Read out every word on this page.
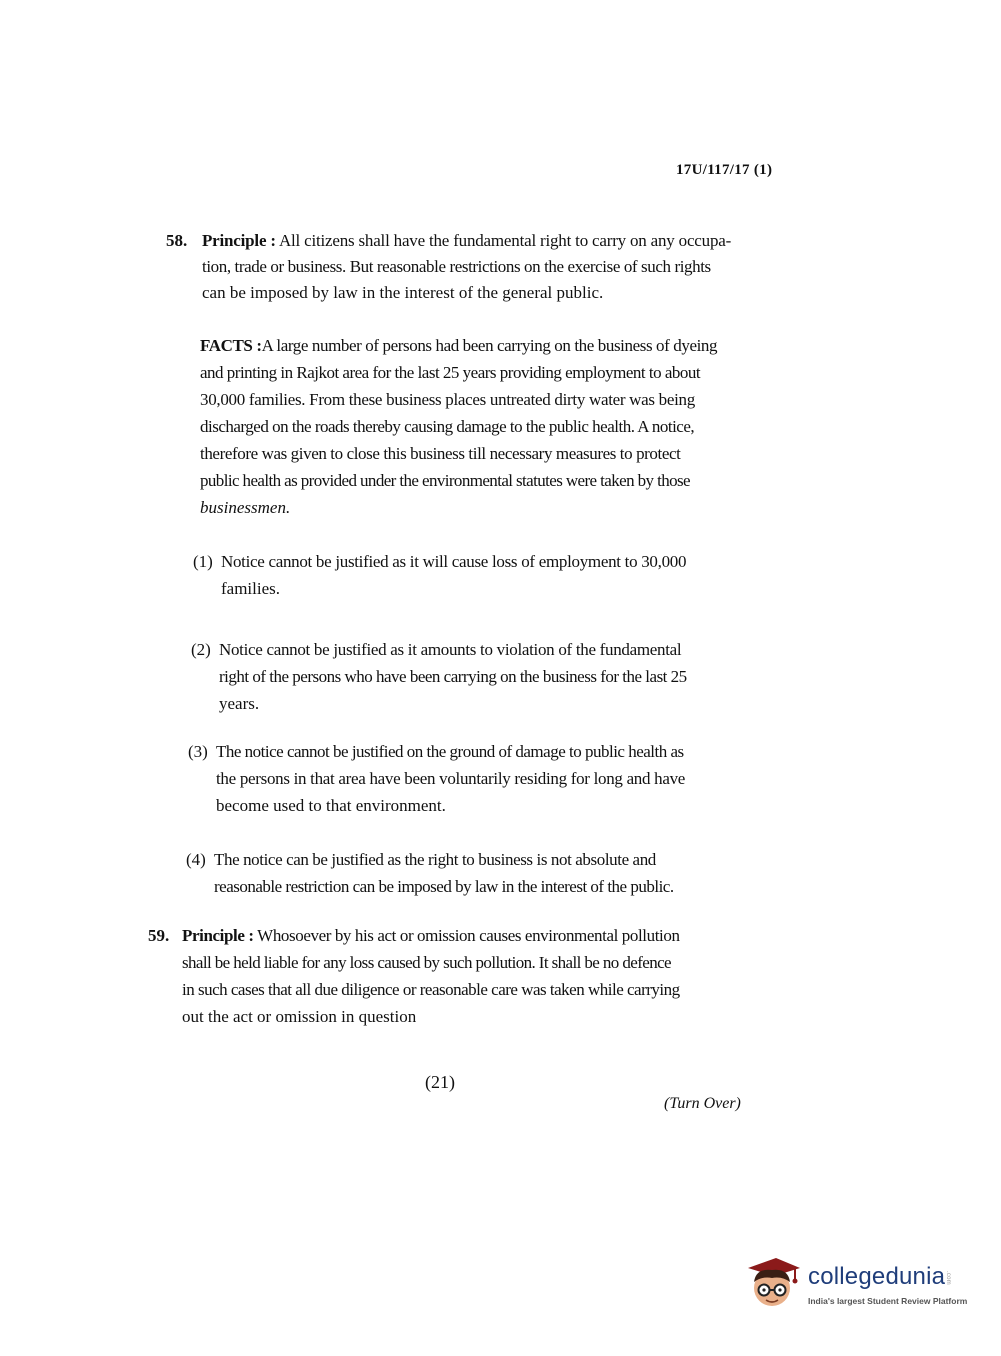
17U/117/17 (1)
58. Principle : All citizens shall have the fundamental right to carry on any occupa-
tion, trade or business. But reasonable restrictions on the exercise of such rights
can be imposed by law in the interest of the general public.
FACTS :A large number of persons had been carrying on the business of dyeing
and printing in Rajkot area for the last 25 years providing employment to about
30,000 families. From these business places untreated dirty water was being
discharged on the roads thereby causing damage to the public health. A notice,
therefore was given to close this business till necessary measures to protect
public health as provided under the environmental statutes were taken by those
businessmen.
(1) Notice cannot be justified as it will cause loss of employment to 30,000
families.
(2) Notice cannot be justified as it amounts to violation of the fundamental
right of the persons who have been carrying on the business for the last 25
years.
(3) The notice cannot be justified on the ground of damage to public health as
the persons in that area have been voluntarily residing for long and have
become used to that environment.
(4) The notice can be justified as the right to business is not absolute and
reasonable restriction can be imposed by law in the interest of the public.
59. Principle : Whosoever by his act or omission causes environmental pollution
shall be held liable for any loss caused by such pollution. It shall be no defence
in such cases that all due diligence or reasonable care was taken while carrying
out the act or omission in question
(21)
(Turn Over)
collegedunia.com
India's largest Student Review Platform
